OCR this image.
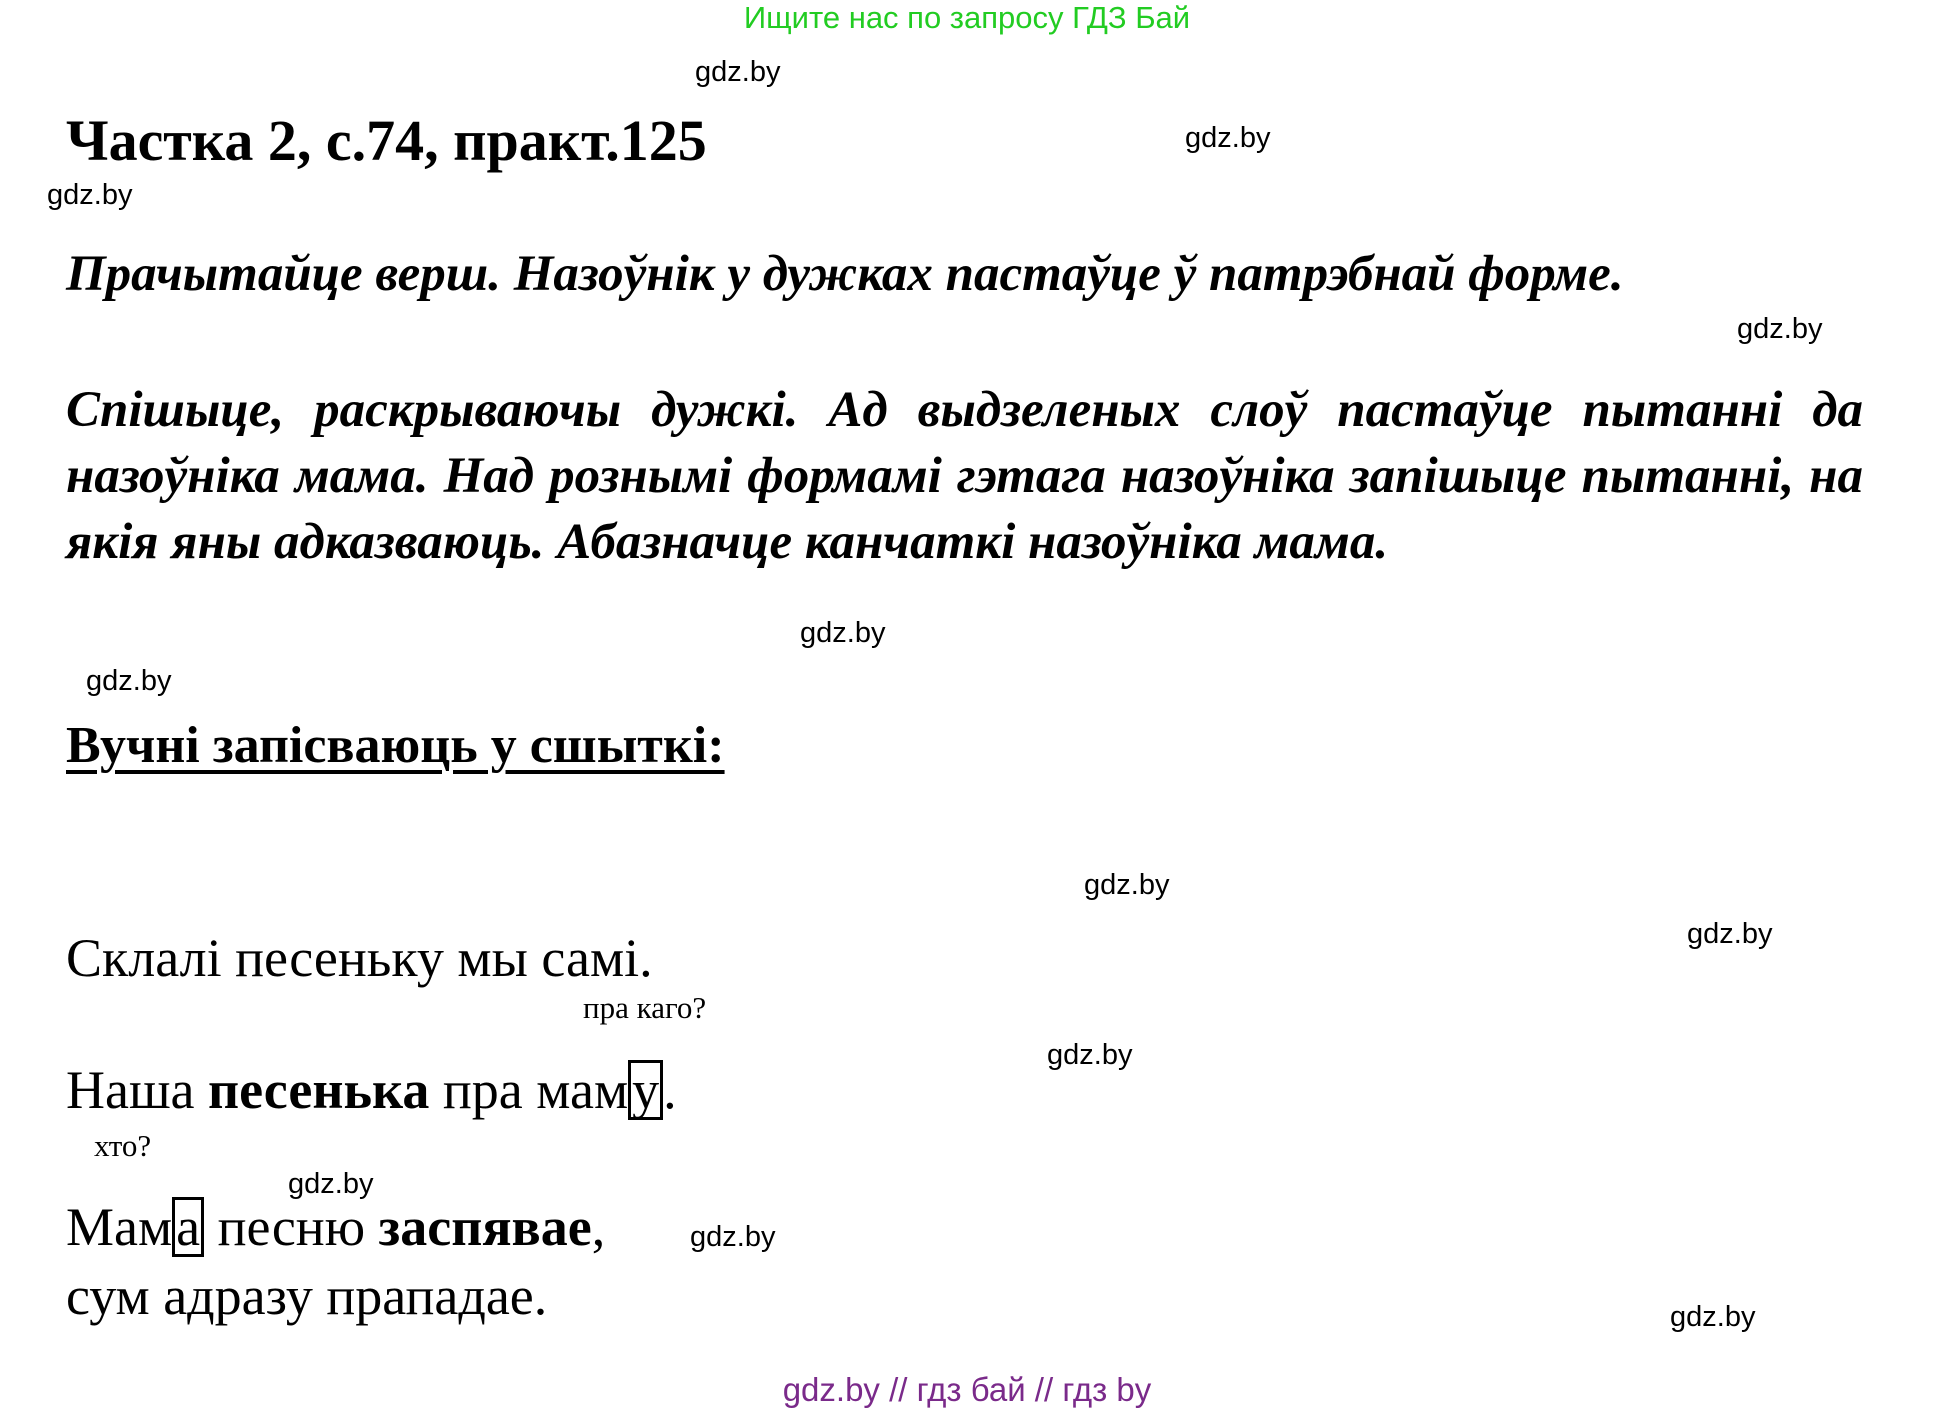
Ищите нас по запросу ГДЗ Бай
gdz.by
Частка 2, с.74, практ.125	gdz.by
gdz.by
Прачытайце верш. Назоўнік у дужках пастаўце ў патрэбнай форме.
gdz.by
Спішыце, раскрываючы дужкі. Ад выдзеленых слоў пастаўце пытанні да назоўніка мама. Над рознымі формамі гэтага назоўніка запішыце пытанні, на якія яны адказваюць. Абазначце канчаткі назоўніка мама.
gdz.by
gdz.by
Вучні запісваюць у сшыткі:
gdz.by
gdz.by
Склалі песеньку мы самі.
пра каго?
gdz.by
Наша песенька пра маму.
хто?
gdz.by
Мама песню заспявае,	gdz.by
сум адразу прападае.	gdz.by
gdz.by // гдз бай // гдз by
